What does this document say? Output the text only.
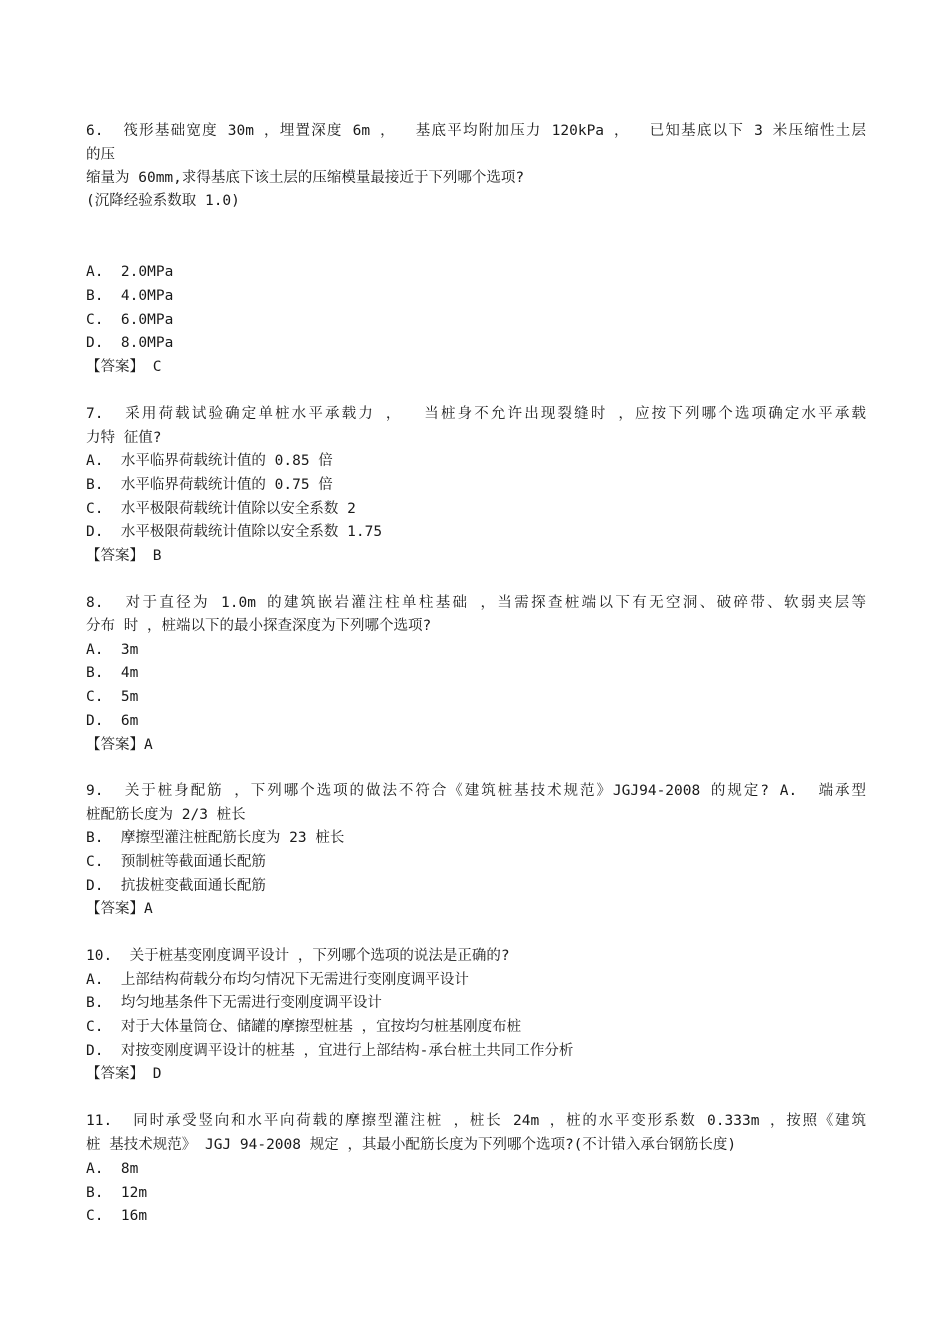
6.  筏形基础宽度 30m ，埋置深度 6m ，  基底平均附加压力 120kPa ，  已知基底以下 3 米压缩性土层
的压
缩量为 60mm,求得基底下该土层的压缩模量最接近于下列哪个选项?
(沉降经验系数取 1.0)
A.  2.0MPa
B.  4.0MPa
C.  6.0MPa
D.  8.0MPa
【答案】 C
7.  采用荷载试验确定单桩水平承载力 ，  当桩身不允许出现裂缝时 ，应按下列哪个选项确定水平承载
力特 征值?
A.  水平临界荷载统计值的 0.85 倍
B.  水平临界荷载统计值的 0.75 倍
C.  水平极限荷载统计值除以安全系数 2
D.  水平极限荷载统计值除以安全系数 1.75
【答案】 B
8.  对于直径为 1.0m 的建筑嵌岩灌注柱单柱基础 ，当需探查桩端以下有无空洞、破碎带、软弱夹层等
分布 时 ，桩端以下的最小探查深度为下列哪个选项?
A.  3m
B.  4m
C.  5m
D.  6m
【答案】A
9.  关于桩身配筋 ，下列哪个选项的做法不符合《建筑桩基技术规范》JGJ94-2008 的规定? A.  端承型
桩配筋长度为 2/3 桩长
B.  摩擦型灌注桩配筋长度为 23 桩长
C.  预制桩等截面通长配筋
D.  抗拔桩变截面通长配筋
【答案】A
10.  关于桩基变刚度调平设计 ，下列哪个选项的说法是正确的?
A.  上部结构荷载分布均匀情况下无需进行变刚度调平设计
B.  均匀地基条件下无需进行变刚度调平设计
C.  对于大体量筒仓、储罐的摩擦型桩基 ，宜按均匀桩基刚度布桩
D.  对按变刚度调平设计的桩基 ，宜进行上部结构-承台桩土共同工作分析
【答案】 D
11.  同时承受竖向和水平向荷载的摩擦型灌注桩 ，桩长 24m ，桩的水平变形系数 0.333m ，按照《建筑
桩 基技术规范》 JGJ 94-2008 规定 ，其最小配筋长度为下列哪个选项?(不计错入承台钢筋长度)
A.  8m
B.  12m
C.  16m
